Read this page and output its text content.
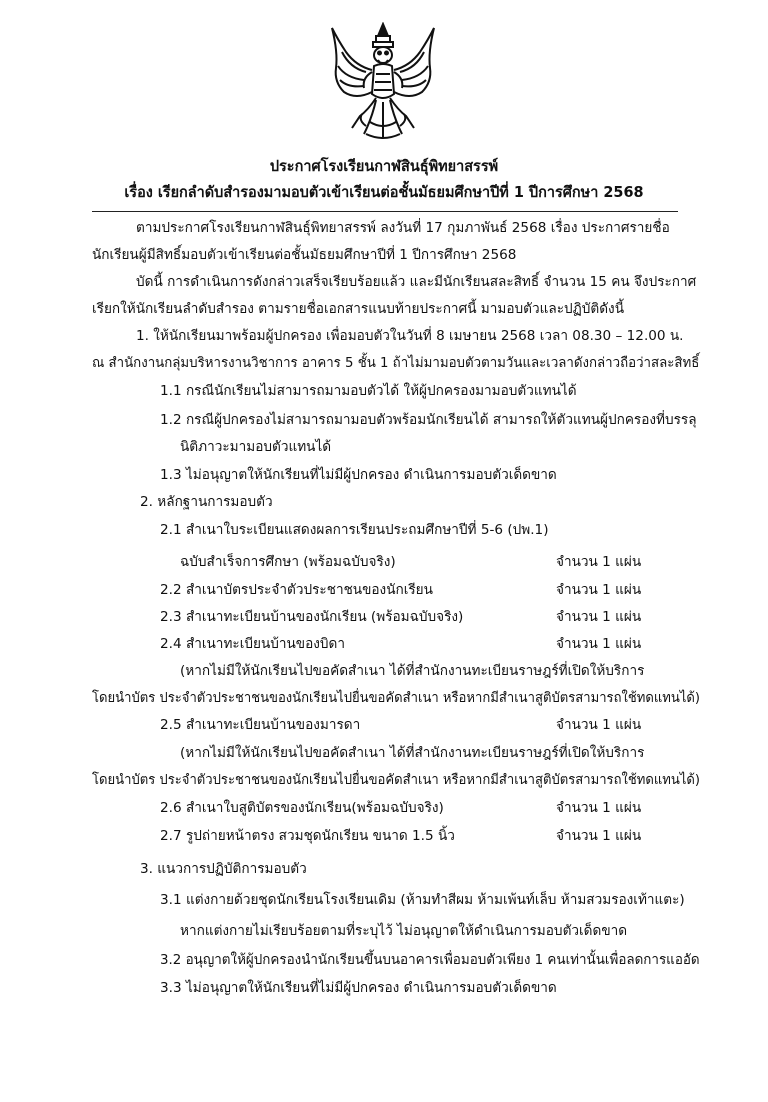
ประกาศโรงเรียนกาฬสินธุ์พิทยาสรรพ์
เรื่อง เรียกลำดับสำรองมามอบตัวเข้าเรียนต่อชั้นมัธยมศึกษาปีที่ 1 ปีการศึกษา 2568
ตามประกาศโรงเรียนกาฬสินธุ์พิทยาสรรพ์ ลงวันที่ 17 กุมภาพันธ์ 2568 เรื่อง ประกาศรายชื่อ
นักเรียนผู้มีสิทธิ์มอบตัวเข้าเรียนต่อชั้นมัธยมศึกษาปีที่ 1 ปีการศึกษา 2568
บัดนี้ การดำเนินการดังกล่าวเสร็จเรียบร้อยแล้ว และมีนักเรียนสละสิทธิ์ จำนวน 15 คน จึงประกาศ
เรียกให้นักเรียนลำดับสำรอง ตามรายชื่อเอกสารแนบท้ายประกาศนี้ มามอบตัวและปฏิบัติดังนี้
1. ให้นักเรียนมาพร้อมผู้ปกครอง เพื่อมอบตัวในวันที่ 8 เมษายน 2568 เวลา 08.30 – 12.00 น.
ณ สำนักงานกลุ่มบริหารงานวิชาการ อาคาร 5 ชั้น 1 ถ้าไม่มามอบตัวตามวันและเวลาดังกล่าวถือว่าสละสิทธิ์
1.1 กรณีนักเรียนไม่สามารถมามอบตัวได้ ให้ผู้ปกครองมามอบตัวแทนได้
1.2 กรณีผู้ปกครองไม่สามารถมามอบตัวพร้อมนักเรียนได้ สามารถให้ตัวแทนผู้ปกครองที่บรรลุ
นิติภาวะมามอบตัวแทนได้
1.3 ไม่อนุญาตให้นักเรียนที่ไม่มีผู้ปกครอง ดำเนินการมอบตัวเด็ดขาด
2. หลักฐานการมอบตัว
2.1 สำเนาใบระเบียนแสดงผลการเรียนประถมศึกษาปีที่ 5-6 (ปพ.1)
ฉบับสำเร็จการศึกษา (พร้อมฉบับจริง)	จำนวน 1 แผ่น
2.2 สำเนาบัตรประจำตัวประชาชนของนักเรียน	จำนวน 1 แผ่น
2.3 สำเนาทะเบียนบ้านของนักเรียน (พร้อมฉบับจริง)	จำนวน 1 แผ่น
2.4 สำเนาทะเบียนบ้านของบิดา	จำนวน 1 แผ่น
(หากไม่มีให้นักเรียนไปขอคัดสำเนา ได้ที่สำนักงานทะเบียนราษฎร์ที่เปิดให้บริการ
โดยนำบัตร ประจำตัวประชาชนของนักเรียนไปยื่นขอคัดสำเนา หรือหากมีสำเนาสูติบัตรสามารถใช้ทดแทนได้)
2.5 สำเนาทะเบียนบ้านของมารดา	จำนวน 1 แผ่น
(หากไม่มีให้นักเรียนไปขอคัดสำเนา ได้ที่สำนักงานทะเบียนราษฎร์ที่เปิดให้บริการ
โดยนำบัตร ประจำตัวประชาชนของนักเรียนไปยื่นขอคัดสำเนา หรือหากมีสำเนาสูติบัตรสามารถใช้ทดแทนได้)
2.6 สำเนาใบสูติบัตรของนักเรียน(พร้อมฉบับจริง)	จำนวน 1 แผ่น
2.7 รูปถ่ายหน้าตรง สวมชุดนักเรียน ขนาด 1.5 นิ้ว	จำนวน 1 แผ่น
3. แนวการปฏิบัติการมอบตัว
3.1 แต่งกายด้วยชุดนักเรียนโรงเรียนเดิม (ห้ามทำสีผม ห้ามเพ้นท์เล็บ ห้ามสวมรองเท้าแตะ)
หากแต่งกายไม่เรียบร้อยตามที่ระบุไว้ ไม่อนุญาตให้ดำเนินการมอบตัวเด็ดขาด
3.2 อนุญาตให้ผู้ปกครองนำนักเรียนขึ้นบนอาคารเพื่อมอบตัวเพียง 1 คนเท่านั้นเพื่อลดการแออัด
3.3 ไม่อนุญาตให้นักเรียนที่ไม่มีผู้ปกครอง ดำเนินการมอบตัวเด็ดขาด
